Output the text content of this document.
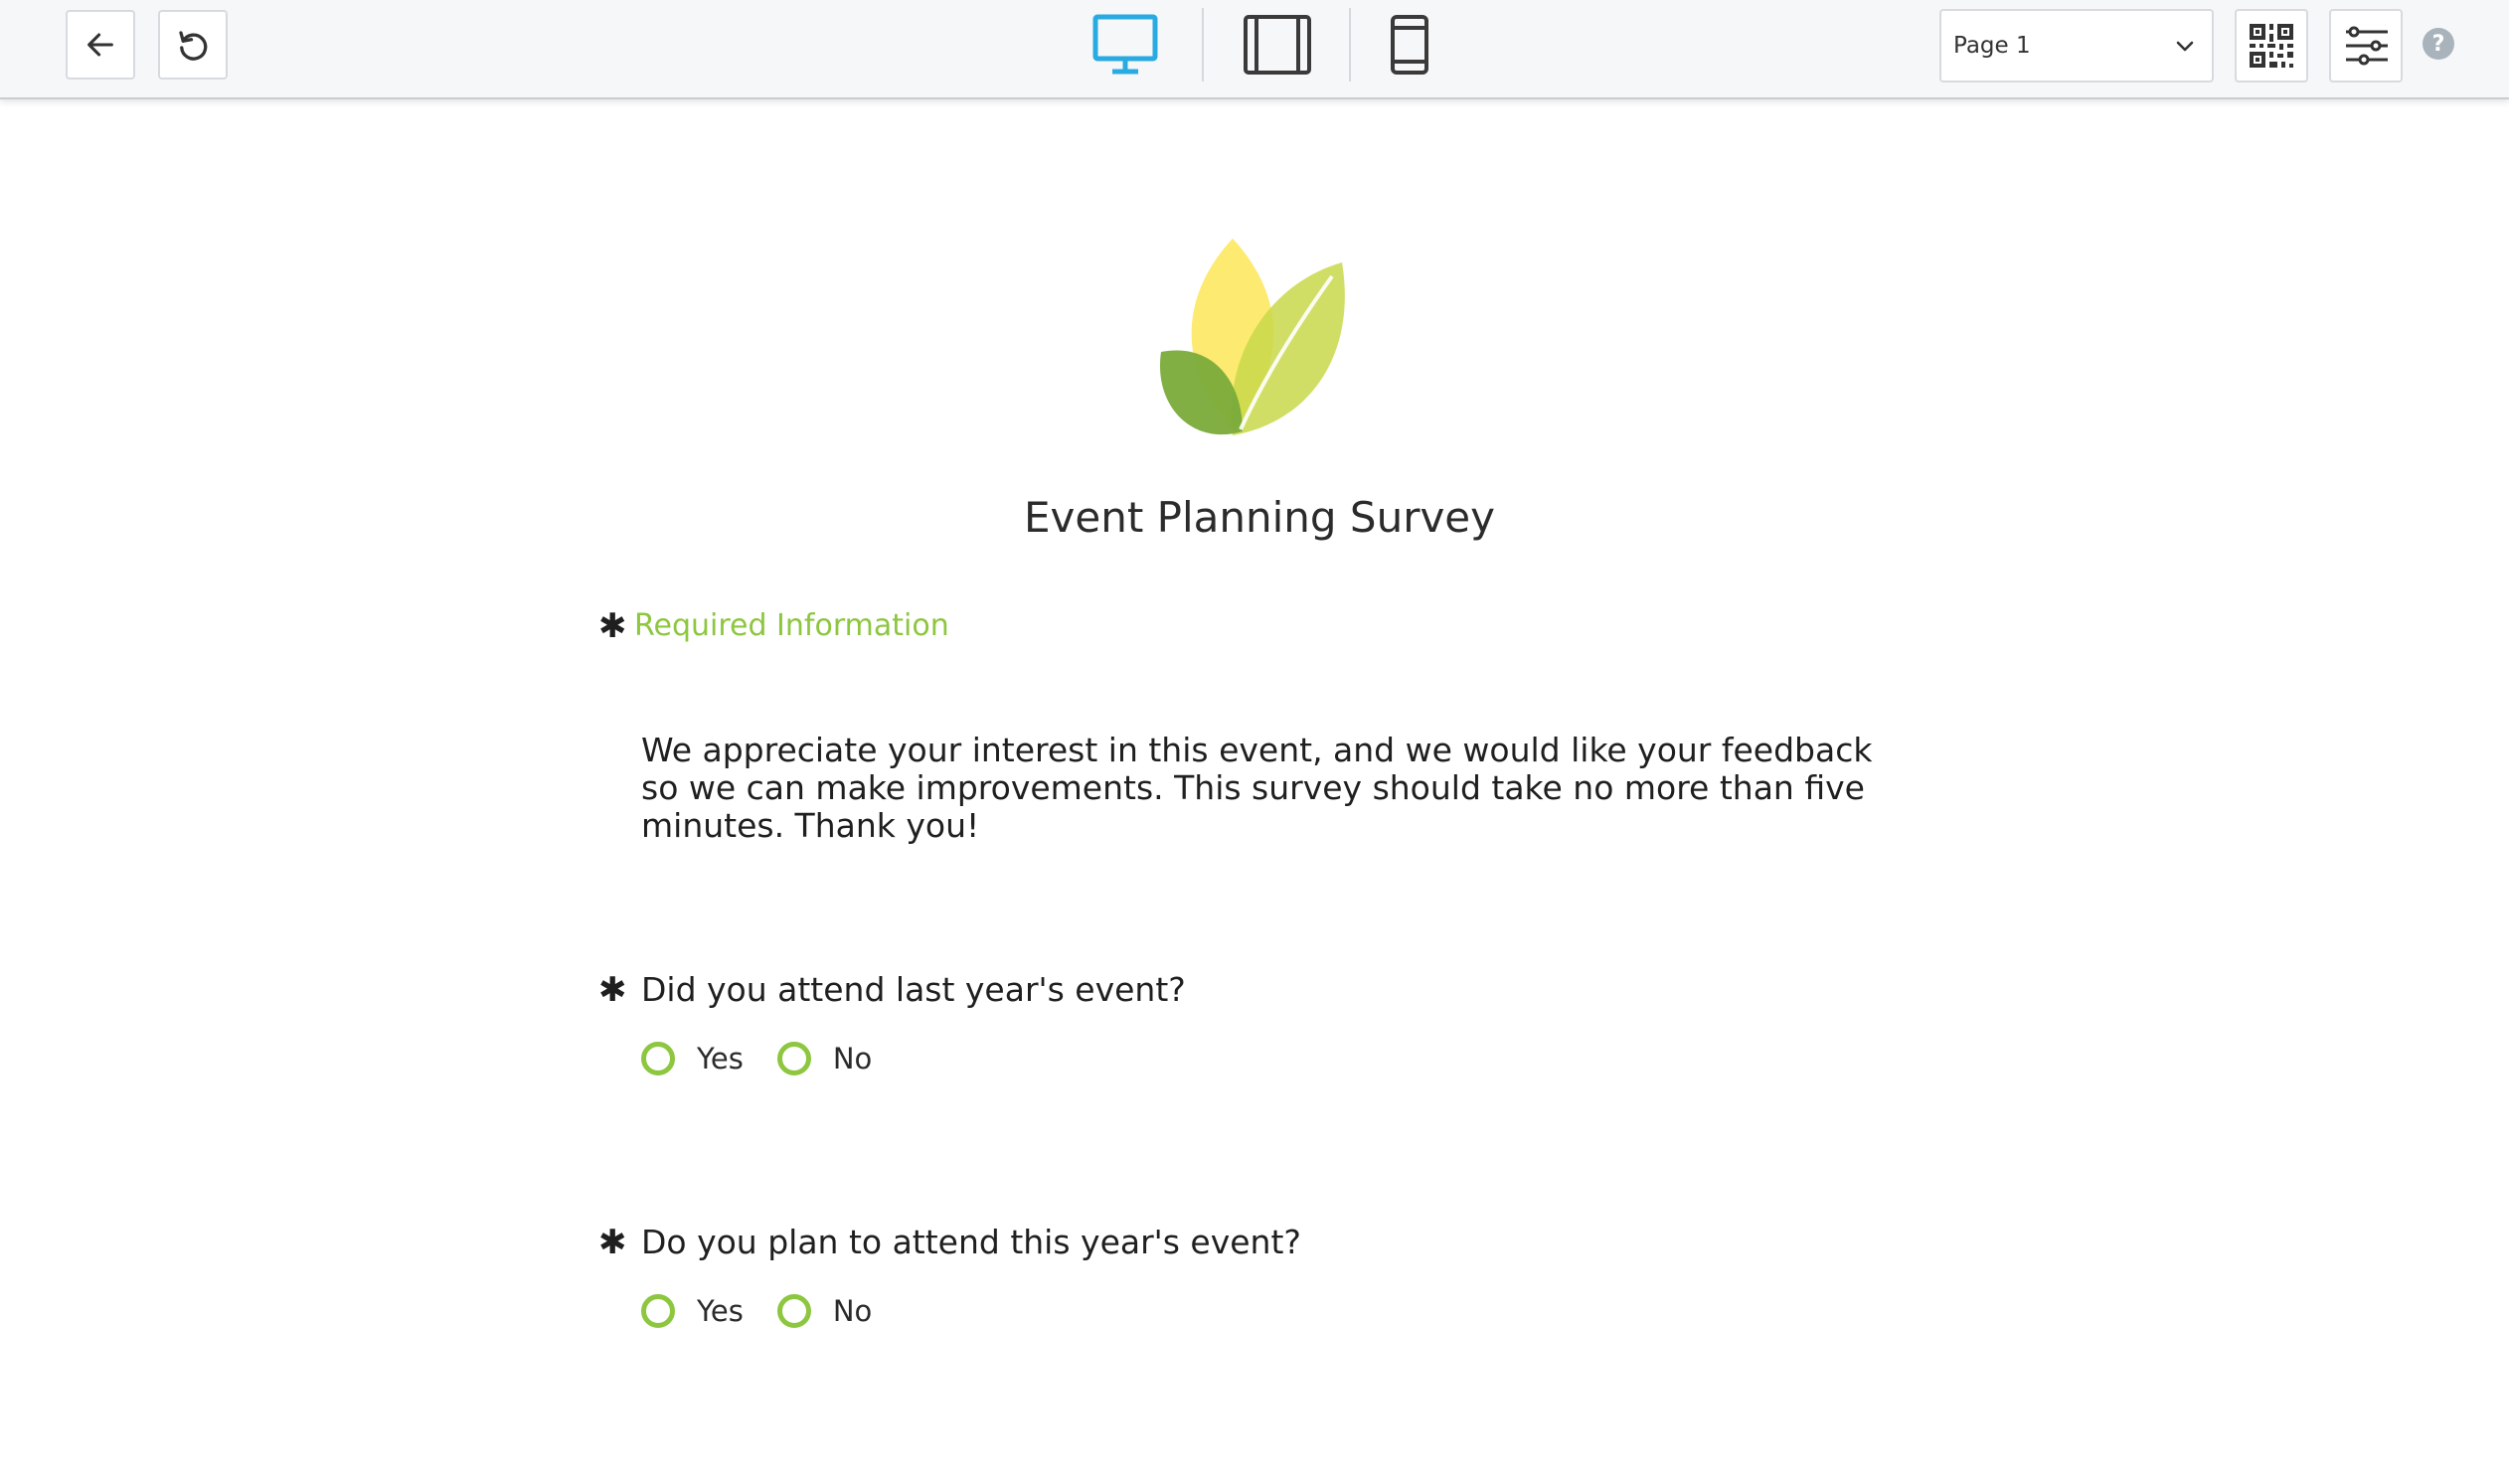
Page 1	?
Event Planning Survey
✱ Required Information
We appreciate your interest in this event, and we would like your feedback so we can make improvements. This survey should take no more than five minutes. Thank you!
✱ Did you attend last year's event?
Yes	No
✱ Do you plan to attend this year's event?
Yes	No
